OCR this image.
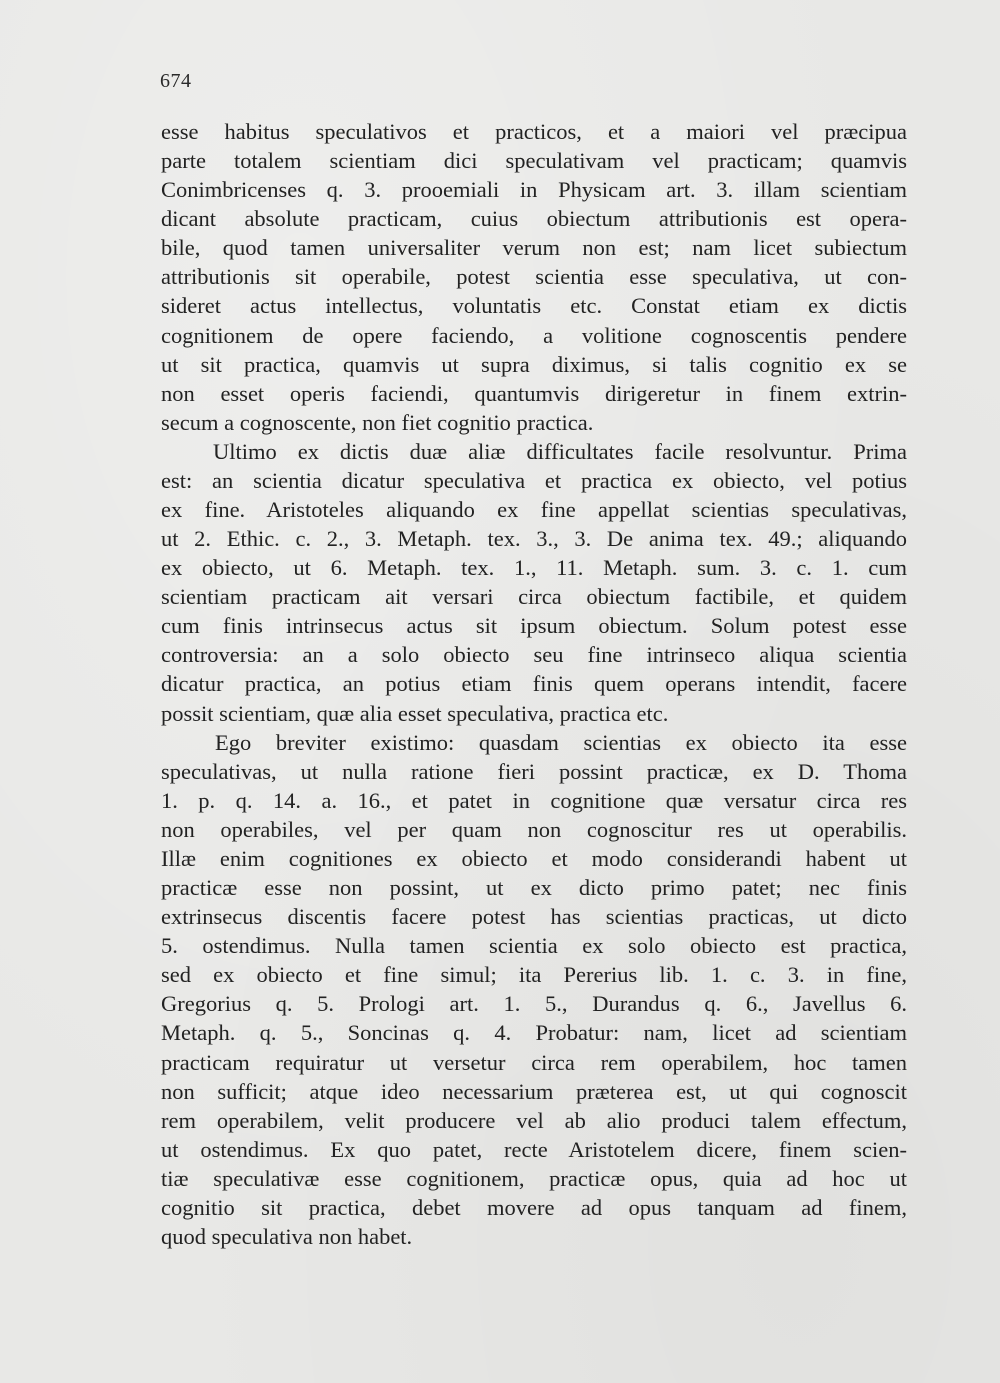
674
esse habitus speculativos et practicos, et a maiori vel præcipua
parte totalem scientiam dici speculativam vel practicam; quamvis
Conimbricenses q. 3. prooemiali in Physicam art. 3. illam scientiam
dicant absolute practicam, cuius obiectum attributionis est opera-
bile, quod tamen universaliter verum non est; nam licet subiectum
attributionis sit operabile, potest scientia esse speculativa, ut con-
sideret actus intellectus, voluntatis etc. Constat etiam ex dictis
cognitionem de opere faciendo, a volitione cognoscentis pendere
ut sit practica, quamvis ut supra diximus, si talis cognitio ex se
non esset operis faciendi, quantumvis dirigeretur in finem extrin-
secum a cognoscente, non fiet cognitio practica.
Ultimo ex dictis duæ aliæ difficultates facile resolvuntur. Prima
est: an scientia dicatur speculativa et practica ex obiecto, vel potius
ex fine. Aristoteles aliquando ex fine appellat scientias speculativas,
ut 2. Ethic. c. 2., 3. Metaph. tex. 3., 3. De anima tex. 49.; aliquando
ex obiecto, ut 6. Metaph. tex. 1., 11. Metaph. sum. 3. c. 1. cum
scientiam practicam ait versari circa obiectum factibile, et quidem
cum finis intrinsecus actus sit ipsum obiectum. Solum potest esse
controversia: an a solo obiecto seu fine intrinseco aliqua scientia
dicatur practica, an potius etiam finis quem operans intendit, facere
possit scientiam, quæ alia esset speculativa, practica etc.
Ego breviter existimo: quasdam scientias ex obiecto ita esse
speculativas, ut nulla ratione fieri possint practicæ, ex D. Thoma
1. p. q. 14. a. 16., et patet in cognitione quæ versatur circa res
non operabiles, vel per quam non cognoscitur res ut operabilis.
Illæ enim cognitiones ex obiecto et modo considerandi habent ut
practicæ esse non possint, ut ex dicto primo patet; nec finis
extrinsecus discentis facere potest has scientias practicas, ut dicto
5. ostendimus. Nulla tamen scientia ex solo obiecto est practica,
sed ex obiecto et fine simul; ita Pererius lib. 1. c. 3. in fine,
Gregorius q. 5. Prologi art. 1. 5., Durandus q. 6., Javellus 6.
Metaph. q. 5., Soncinas q. 4. Probatur: nam, licet ad scientiam
practicam requiratur ut versetur circa rem operabilem, hoc tamen
non sufficit; atque ideo necessarium præterea est, ut qui cognoscit
rem operabilem, velit producere vel ab alio produci talem effectum,
ut ostendimus. Ex quo patet, recte Aristotelem dicere, finem scien-
tiæ speculativæ esse cognitionem, practicæ opus, quia ad hoc ut
cognitio sit practica, debet movere ad opus tanquam ad finem,
quod speculativa non habet.
